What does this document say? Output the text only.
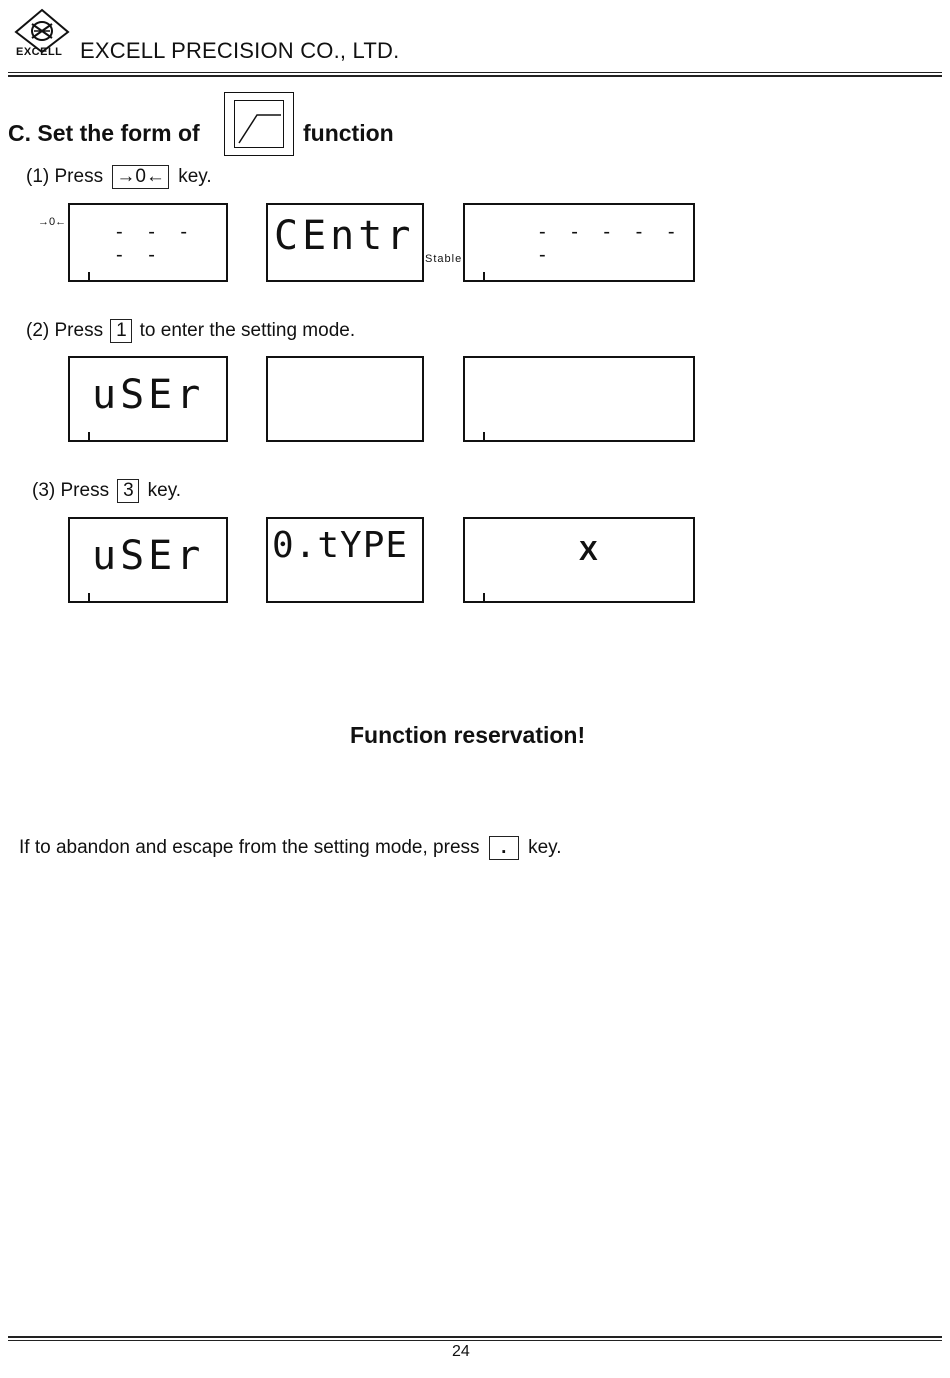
EXCELL EXCELL PRECISION CO., LTD.
C. Set the form of	function
(1) Press →0← key.
→0← - - - - -	CEntr Stable
- - - - - -
(2) Press 1 to enter the setting mode.
uSEr
(3) Press 3 key.
uSEr 0.tYPE	X
Function reservation!
If to abandon and escape from the setting mode, press . key.
24
